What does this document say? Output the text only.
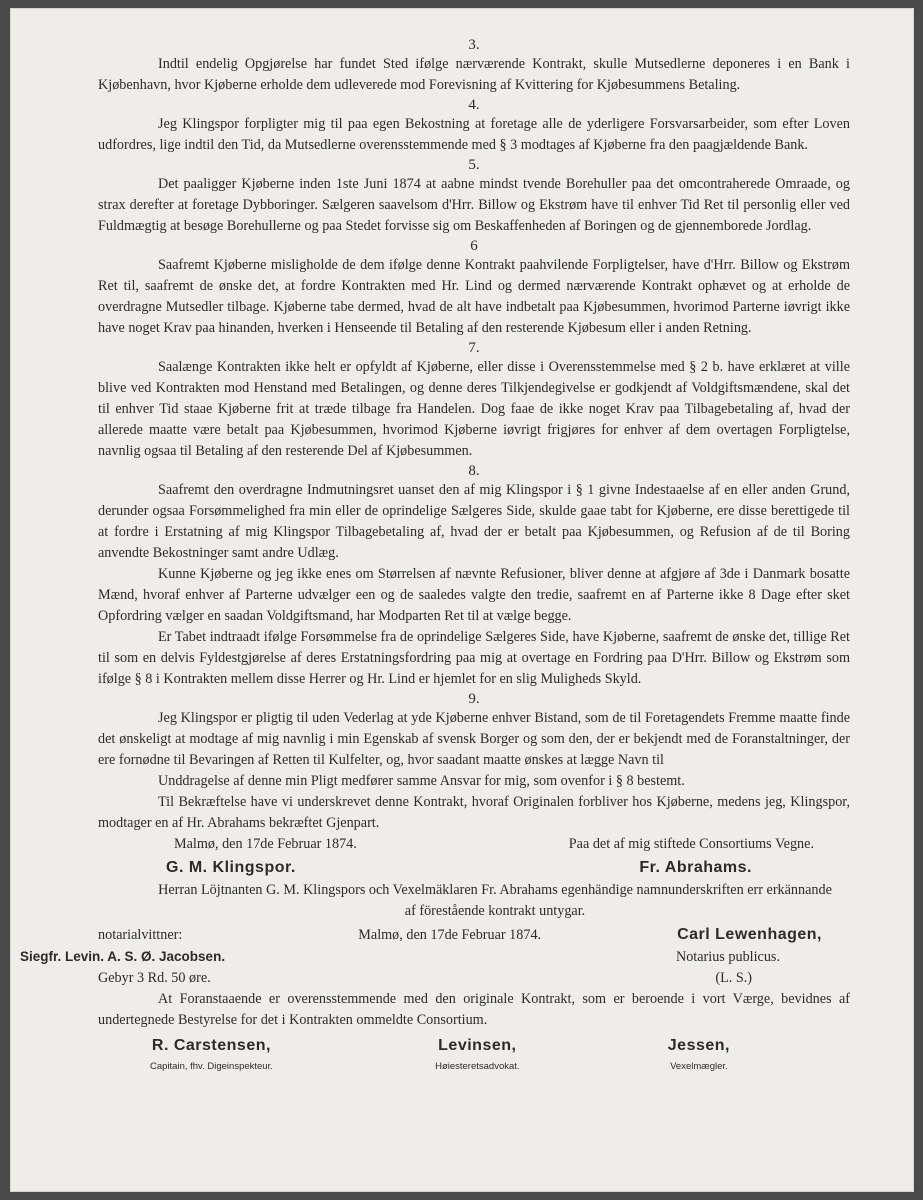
3.

Indtil endelig Opgjørelse har fundet Sted ifølge nærværende Kontrakt, skulle Mutsedlerne deponeres i en Bank i Kjøbenhavn, hvor Kjøberne erholde dem udleverede mod Forevisning af Kvittering for Kjøbesummens Betaling.

4.

Jeg Klingspor forpligter mig til paa egen Bekostning at foretage alle de yderligere Forsvarsarbeider, som efter Loven udfordres, lige indtil den Tid, da Mutsedlerne overensstemmende med § 3 modtages af Kjøberne fra den paagjældende Bank.

5.

Det paaligger Kjøberne inden 1ste Juni 1874 at aabne mindst tvende Borehuller paa det omcontraherede Omraade, og strax derefter at foretage Dybboringer. Sælgeren saavelsom d'Hrr. Billow og Ekstrøm have til enhver Tid Ret til personlig eller ved Fuldmægtig at besøge Borehullerne og paa Stedet forvisse sig om Beskaffenheden af Boringen og de gjennemborede Jordlag.

6

Saafremt Kjøberne misligholde de dem ifølge denne Kontrakt paahvilende Forpligtelser, have d'Hrr. Billow og Ekstrøm Ret til, saafremt de ønske det, at fordre Kontrakten med Hr. Lind og dermed nærværende Kontrakt ophævet og at erholde de overdragne Mutsedler tilbage. Kjøberne tabe dermed, hvad de alt have indbetalt paa Kjøbesummen, hvorimod Parterne iøvrigt ikke have noget Krav paa hinanden, hverken i Henseende til Betaling af den resterende Kjøbesum eller i anden Retning.

7.

Saalænge Kontrakten ikke helt er opfyldt af Kjøberne, eller disse i Overensstemmelse med § 2 b. have erklæret at ville blive ved Kontrakten mod Henstand med Betalingen, og denne deres Tilkjendegivelse er godkjendt af Voldgiftsmændene, skal det til enhver Tid staae Kjøberne frit at træde tilbage fra Handelen. Dog faae de ikke noget Krav paa Tilbagebetaling af, hvad der allerede maatte være betalt paa Kjøbesummen, hvorimod Kjøberne iøvrigt frigjøres for enhver af dem overtagen Forpligtelse, navnlig ogsaa til Betaling af den resterende Del af Kjøbesummen.

8.

Saafremt den overdragne Indmutningsret uanset den af mig Klingspor i § 1 givne Indestaaelse af en eller anden Grund, derunder ogsaa Forsømmelighed fra min eller de oprindelige Sælgeres Side, skulde gaae tabt for Kjøberne, ere disse berettigede til at fordre i Erstatning af mig Klingspor Tilbagebetaling af, hvad der er betalt paa Kjøbesummen, og Refusion af de til Boring anvendte Bekostninger samt andre Udlæg.

Kunne Kjøberne og jeg ikke enes om Størrelsen af nævnte Refusioner, bliver denne at afgjøre af 3de i Danmark bosatte Mænd, hvoraf enhver af Parterne udvælger een og de saaledes valgte den tredie, saafremt en af Parterne ikke 8 Dage efter sket Opfordring vælger en saadan Voldgiftsmand, har Modparten Ret til at vælge begge.

Er Tabet indtraadt ifølge Forsømmelse fra de oprindelige Sælgeres Side, have Kjøberne, saafremt de ønske det, tillige Ret til som en delvis Fyldestgjørelse af deres Erstatningsfordring paa mig at overtage en Fordring paa D'Hrr. Billow og Ekstrøm som ifølge § 8 i Kontrakten mellem disse Herrer og Hr. Lind er hjemlet for en slig Muligheds Skyld.

9.

Jeg Klingspor er pligtig til uden Vederlag at yde Kjøberne enhver Bistand, som de til Foretagendets Fremme maatte finde det ønskeligt at modtage af mig navnlig i min Egenskab af svensk Borger og som den, der er bekjendt med de Foranstaltninger, der ere fornødne til Bevaringen af Retten til Kulfelter, og, hvor saadant maatte ønskes at lægge Navn til

Unddragelse af denne min Pligt medfører samme Ansvar for mig, som ovenfor i § 8 bestemt.

Til Bekræftelse have vi underskrevet denne Kontrakt, hvoraf Originalen forbliver hos Kjøberne, medens jeg, Klingspor, modtager en af Hr. Abrahams bekræftet Gjenpart.

Malmø, den 17de Februar 1874.	Paa det af mig stiftede Consortiums Vegne.
G. M. Klingspor.	Fr. Abrahams.

Herran Löjtnanten G. M. Klingspors och Vexelmäklaren Fr. Abrahams egenhändige namnunderskriften err erkännande af förestående kontrakt untygar.

notarialvittner:	Malmø, den 17de Februar 1874.	Carl Lewenhagen,
Siegfr. Levin. A. S. Ø. Jacobsen.	Notarius publicus.
Gebyr 3 Rd. 50 øre.	(L. S.)

At Foranstaaende er overensstemmende med den originale Kontrakt, som er beroende i vort Værge, bevidnes af undertegnede Bestyrelse for det i Kontrakten ommeldte Consortium.

R. Carstensen,
Capitain, fhv. Digeinspekteur.
Levinsen,
Høiesteretsadvokat.
Jessen,
Vexelmægler.
